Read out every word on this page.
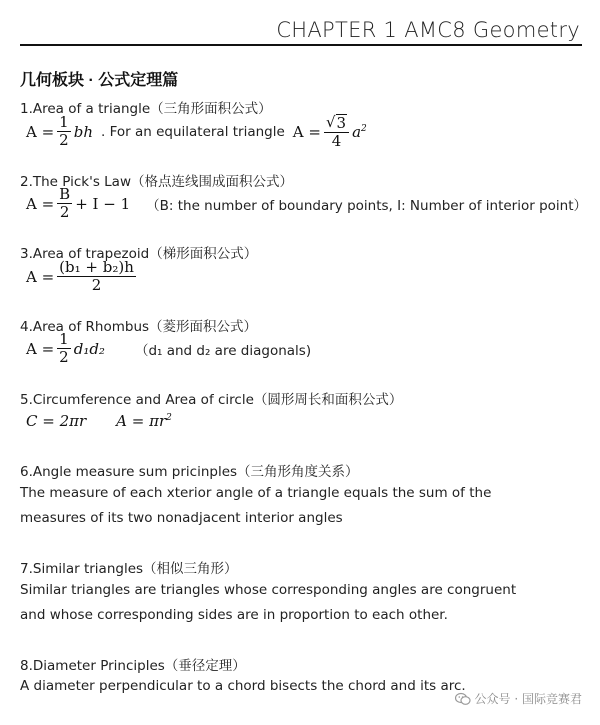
CHAPTER 1 AMC8 Geometry
几何板块 · 公式定理篇
1.Area of a triangle（三角形面积公式）
$A = \frac{1}{2}$ bh . For an equilateral triangle $A = \frac{√ 3}{4} a^2$
2.The Pick's Law（格点连线围成面积公式）
$A = \frac{B}{2} + I - 1$ （B: the number of boundary points, I: Number of interior point）
3.Area of trapezoid（梯形面积公式）
$A = \frac{\text{(b₁ + b₂)h}}{2}$
4.Area of Rhombus（菱形面积公式）
$A = \frac{1}{2} d_1d_2$ （d₁ and d₂ are diagonals)
5.Circumference and Area of circle（圆形周长和面积公式）
C = 2πr $A = \pi r^2$
6.Angle measure sum pricinples（三角形角度关系）
The measure of each xterior angle of a triangle equals the sum of the measures of its two nonadjacent interior angles
7.Similar triangles（相似三角形）
Similar triangles are triangles whose corresponding angles are congruent and whose corresponding sides are in proportion to each other.
8.Diameter Principles（垂径定理）
A diameter perpendicular to a chord bisects the chord and its arc.
公众号 · 国际竞赛君
